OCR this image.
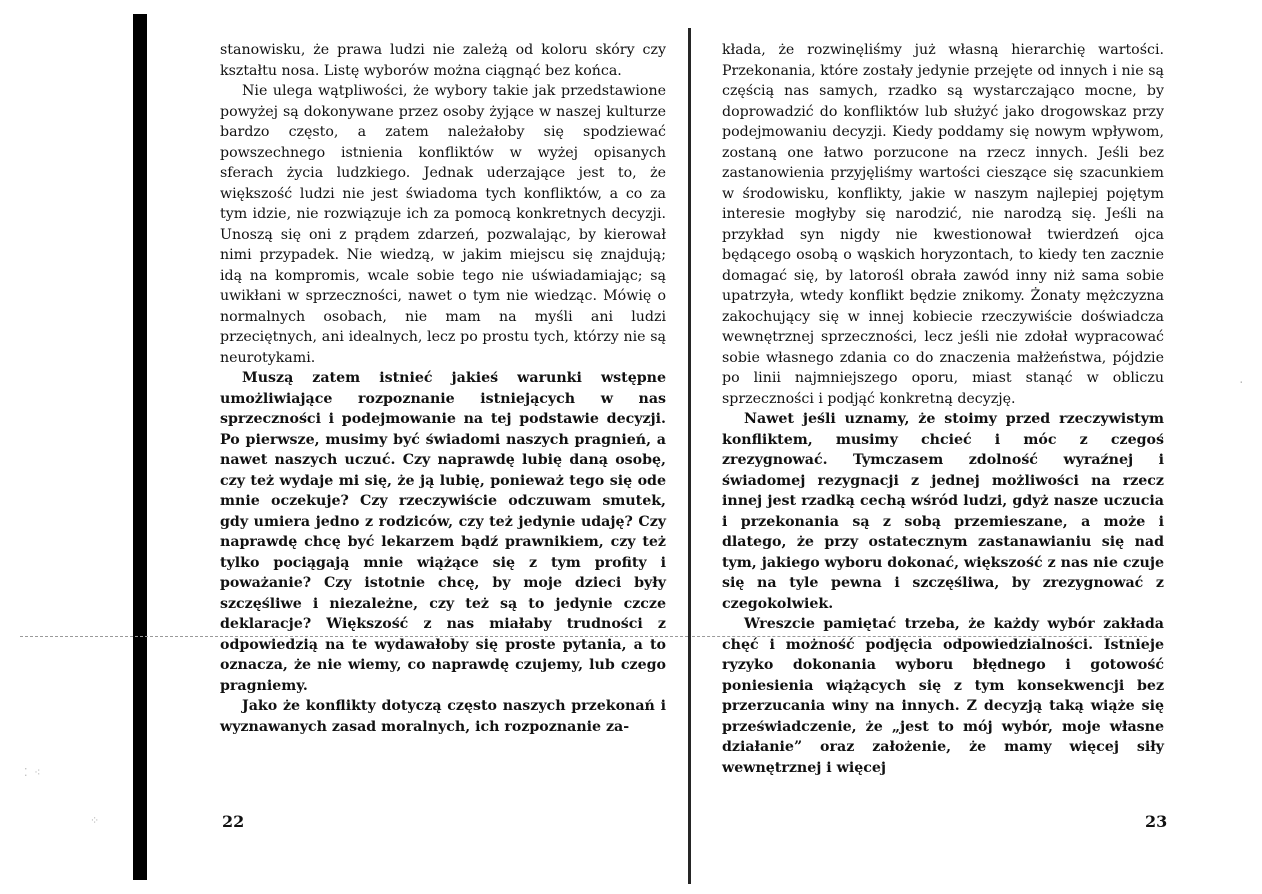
⁚ ⁖
⁘
·

stanowisku, że prawa ludzi nie zależą od koloru skóry czy kształtu nosa. Listę wyborów można ciągnąć bez końca.

Nie ulega wątpliwości, że wybory takie jak przedstawione powyżej są dokonywane przez osoby żyjące w naszej kulturze bardzo często, a zatem należałoby się spodziewać powszechnego istnienia konfliktów w wyżej opisanych sferach życia ludzkiego. Jednak uderzające jest to, że większość ludzi nie jest świadoma tych konfliktów, a co za tym idzie, nie rozwiązuje ich za pomocą konkretnych decyzji. Unoszą się oni z prądem zdarzeń, pozwalając, by kierował nimi przypadek. Nie wiedzą, w jakim miejscu się znajdują; idą na kompromis, wcale sobie tego nie uświadamiając; są uwikłani w sprzeczności, nawet o tym nie wiedząc. Mówię o normalnych osobach, nie mam na myśli ani ludzi przeciętnych, ani idealnych, lecz po prostu tych, którzy nie są neurotykami.

Muszą zatem istnieć jakieś warunki wstępne umożliwiające rozpoznanie istniejących w nas sprzeczności i podejmowanie na tej podstawie decyzji. Po pierwsze, musimy być świadomi naszych pragnień, a nawet naszych uczuć. Czy naprawdę lubię daną osobę, czy też wydaje mi się, że ją lubię, ponieważ tego się ode mnie oczekuje? Czy rzeczywiście odczuwam smutek, gdy umiera jedno z rodziców, czy też jedynie udaję? Czy naprawdę chcę być lekarzem bądź prawnikiem, czy też tylko pociągają mnie wiążące się z tym profity i poważanie? Czy istotnie chcę, by moje dzieci były szczęśliwe i niezależne, czy też są to jedynie czcze deklaracje? Większość z nas miałaby trudności z odpowiedzią na te wydawałoby się proste pytania, a to oznacza, że nie wiemy, co naprawdę czujemy, lub czego pragniemy.

Jako że konflikty dotyczą często naszych przekonań i wyznawanych zasad moralnych, ich rozpoznanie za-

22

kłada, że rozwinęliśmy już własną hierarchię wartości. Przekonania, które zostały jedynie przejęte od innych i nie są częścią nas samych, rzadko są wystarczająco mocne, by doprowadzić do konfliktów lub służyć jako drogowskaz przy podejmowaniu decyzji. Kiedy poddamy się nowym wpływom, zostaną one łatwo porzucone na rzecz innych. Jeśli bez zastanowienia przyjęliśmy wartości cieszące się szacunkiem w środowisku, konflikty, jakie w naszym najlepiej pojętym interesie mogłyby się narodzić, nie narodzą się. Jeśli na przykład syn nigdy nie kwestionował twierdzeń ojca będącego osobą o wąskich horyzontach, to kiedy ten zacznie domagać się, by latorośl obrała zawód inny niż sama sobie upatrzyła, wtedy konflikt będzie znikomy. Żonaty mężczyzna zakochujący się w innej kobiecie rzeczywiście doświadcza wewnętrznej sprzeczności, lecz jeśli nie zdołał wypracować sobie własnego zdania co do znaczenia małżeństwa, pójdzie po linii najmniejszego oporu, miast stanąć w obliczu sprzeczności i podjąć konkretną decyzję.

Nawet jeśli uznamy, że stoimy przed rzeczywistym konfliktem, musimy chcieć i móc z czegoś zrezygnować. Tymczasem zdolność wyraźnej i świadomej rezygnacji z jednej możliwości na rzecz innej jest rzadką cechą wśród ludzi, gdyż nasze uczucia i przekonania są z sobą przemieszane, a może i dlatego, że przy ostatecznym zastanawianiu się nad tym, jakiego wyboru dokonać, większość z nas nie czuje się na tyle pewna i szczęśliwa, by zrezygnować z czegokolwiek.

Wreszcie pamiętać trzeba, że każdy wybór zakłada chęć i możność podjęcia odpowiedzialności. Istnieje ryzyko dokonania wyboru błędnego i gotowość poniesienia wiążących się z tym konsekwencji bez przerzucania winy na innych. Z decyzją taką wiąże się przeświadczenie, że „jest to mój wybór, moje własne działanie” oraz założenie, że mamy więcej siły wewnętrznej i więcej

23
